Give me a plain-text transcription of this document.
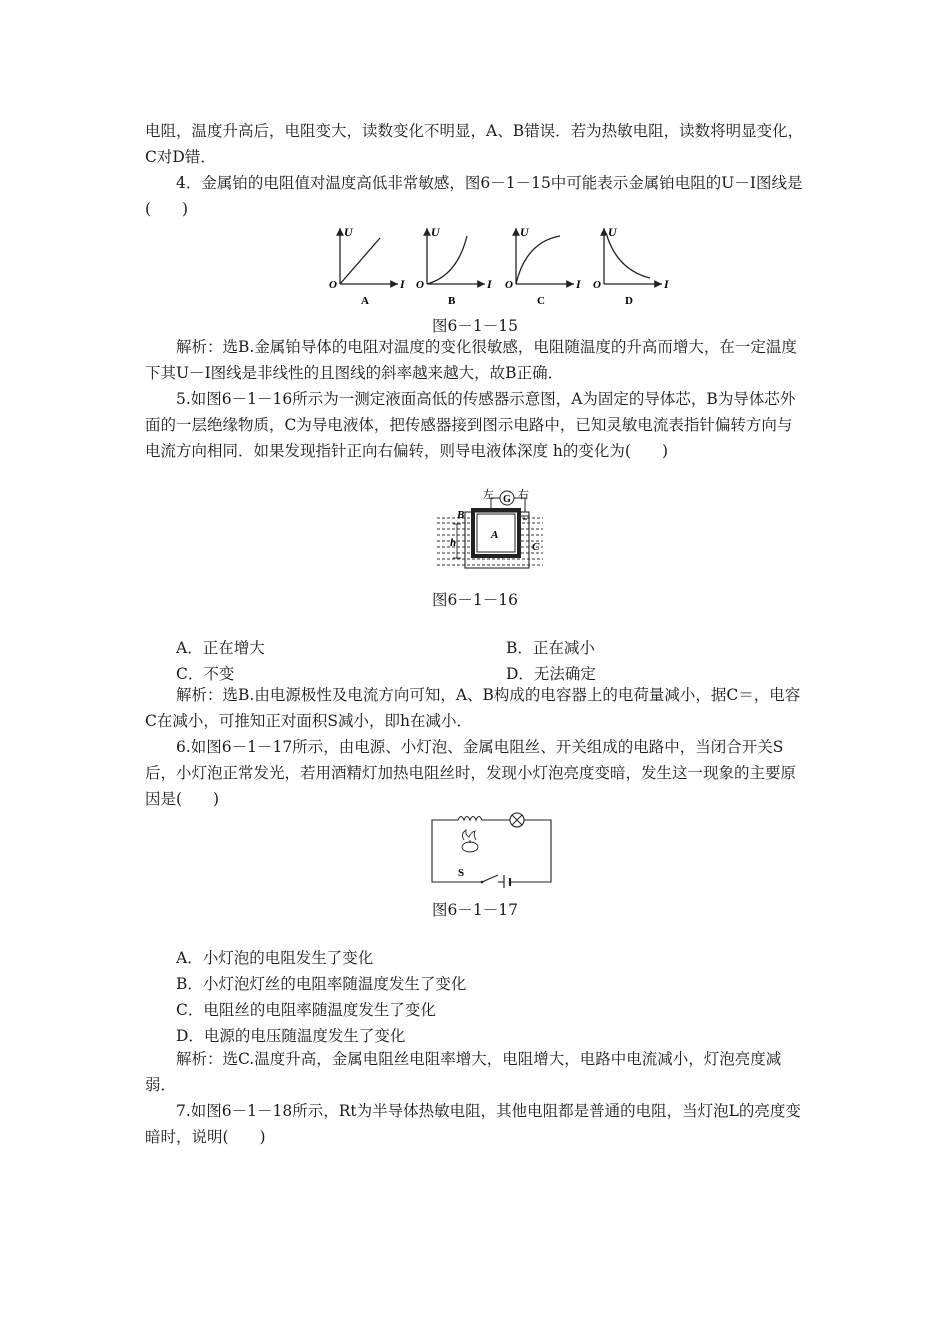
电阻，温度升高后，电阻变大，读数变化不明显，A、B错误．若为热敏电阻，读数将明显变化，C对D错．

4．金属铂的电阻值对温度高低非常敏感，图6－1－15中可能表示金属铂电阻的U－I图线是(　　)

U
I
O
A
U
I
O
B
U
I
O
C
U
I
O
D

图6－1－15

解析：选B.金属铂导体的电阻对温度的变化很敏感，电阻随温度的升高而增大，在一定温度下其U－I图线是非线性的且图线的斜率越来越大，故B正确．

5.如图6－1－16所示为一测定液面高低的传感器示意图，A为固定的导体芯，B为导体芯外面的一层绝缘物质，C为导电液体，把传感器接到图示电路中，已知灵敏电流表指针偏转方向与电流方向相同．如果发现指针正向右偏转，则导电液体深度 h的变化为(　　)

G
左 右
A
B
C
h

图6－1－16

A．正在增大	B．正在减小

C．不变	D．无法确定

解析：选B.由电源极性及电流方向可知，A、B构成的电容器上的电荷量减小，据C＝，电容C在减小，可推知正对面积S减小，即h在减小．

6.如图6－1－17所示，由电源、小灯泡、金属电阻丝、开关组成的电路中，当闭合开关S后，小灯泡正常发光，若用酒精灯加热电阻丝时，发现小灯泡亮度变暗，发生这一现象的主要原因是(　　)

S

图6－1－17

A．小灯泡的电阻发生了变化

B．小灯泡灯丝的电阻率随温度发生了变化

C．电阻丝的电阻率随温度发生了变化

D．电源的电压随温度发生了变化

解析：选C.温度升高，金属电阻丝电阻率增大，电阻增大，电路中电流减小，灯泡亮度减弱．

7.如图6－1－18所示，Rt为半导体热敏电阻，其他电阻都是普通的电阻，当灯泡L的亮度变暗时，说明(　　)
